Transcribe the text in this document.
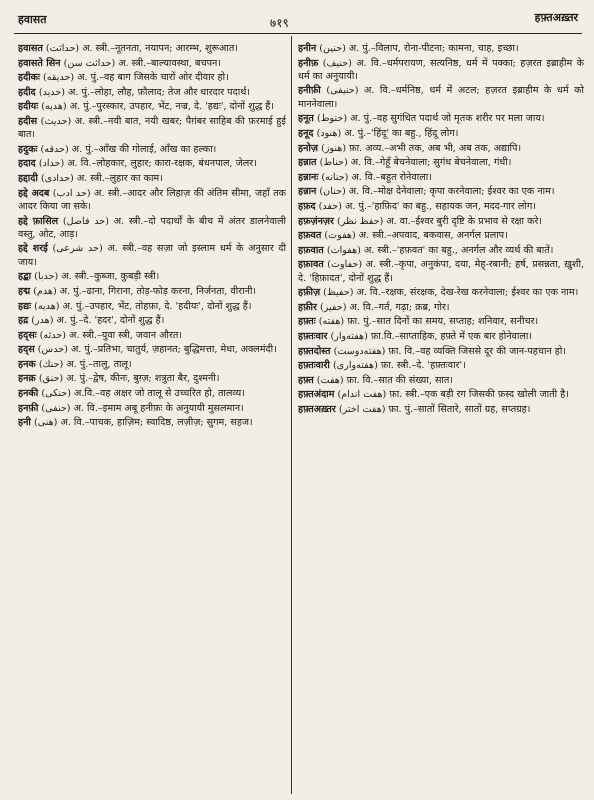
हवासत	७१९	हफ़्तअख़्तर

हवासत (حداثت) अ. स्त्री.–नूतनता, नयापन; आरम्भ, शुरूआत।

हवासते सिन (حداثت سن) अ. स्त्री.–बाल्यावस्था, बचपन।

हदीकः (حديقه) अ. पुं.–वह बाग जिसके चारों ओर दीवार हो।

हदीद (حديد) अ. पुं.–लोहा, लौह, फ़ौलाद; तेज और धारदार पदार्थ।

हदीयः (هديه) अ. पुं.–पुरस्कार, उपहार, भेंट, नज्र, दे. 'हद्यः', दोनों शुद्ध हैं।

हदीस (حديث) अ. स्त्री.–नयी बात, नयी खबर; पैग़ंबर साहिब की फ़रमाई हुई बात।

हदुकः (حدقه) अ. पुं.–आँख की गोलाई, आँख का हल्का।

हदाद (حداد) अ. वि.–लोहकार, लुहार; कारा-रक्षक, बंधनपाल, जेलर।

हद्दादी (حدادى) अ. स्त्री.–लुहार का काम।

हद्दे अदब (حد ادب) अ. स्त्री.–आदर और लिहाज़ की अंतिम सीमा, जहाँ तक आदर किया जा सके।

हद्दे फ़ासिल (حد فاصل) अ. स्त्री.–दो पदार्थों के बीच में अंतर डालनेवाली वस्तु, ओट, आड़।

हद्दे शरई (حد شرعى) अ. स्त्री.–वह सज़ा जो इस्लाम धर्म के अनुसार दी जाय।

हद्बा (حدبا) अ. स्त्री.–कुब्जा, कुबड़ी स्त्री।

हद्म (هدم) अ. पुं.–ढाना, गिराना, तोड़-फोड़ करना, निर्जनता, वीरानी।

हद्यः (هديه) अ. पुं.–उपहार, भेंट, तोहफ़ा, दे. 'हदीयः', दोनों शुद्ध हैं।

हद्र (هدر) अ. पुं.–दे. 'हदर', दोनों शुद्ध हैं।

हद्सः (حدثه) अ. स्त्री.–युवा स्त्री, जवान औरत।

हद्स (حدس) अ. पुं.–प्रतिभा, चातुर्य, ज़हानत; बुद्धिमत्ता, मेधा, अक्लमंदी।

हनक (حنك) अ. पुं.–तालु, तालू।

हनक़ (حنق) अ. पुं.–द्वेष, कीनः, बुग़्ज़; शत्रुता बैर, दुश्मनी।

हनकी (حنكى) अ.वि.–वह अक्षर जो तालू से उच्चरित हो, तालव्य।

हनफ़ी (حنفى) अ. वि.–इमाम अबू हनीफ़ः के अनुयायी मुसलमान।

हनी (هنى) अ. वि.–पाचक, हाज़िम; स्वादिष्ठ, लज़ीज़; सुगम, सहज।

हनीन (حنين) अ. पुं.–विलाप, रोना-पीटना; कामना, चाह, इच्छा।

हनीफ़ (حنيف) अ. वि.–धर्मपरायण, सत्यनिष्ठ, धर्म में पक्का; हज़रत इब्राहीम के धर्म का अनुयायी।

हनीफ़ी (حنيفى) अ. वि.–धर्मनिष्ठ, धर्म में अटल; हज़रत इब्राहीम के धर्म को माननेवाला।

हनूत (حنوط) अ. पुं.–वह सुगंधित पदार्थ जो मृतक शरीर पर मला जाय।

हनूद (هنود) अ. पुं.–'हिंदू' का बहु., हिंदू लोग।

हनोज़ (هنوز) फ़ा. अव्य.–अभी तक, अब भी, अब तक, अद्यापि।

हन्नात (حناط) अ. वि.–गेहूँ बेचनेवाला; सुगंध बेचनेवाला, गंधी।

हन्नानः (حنانه) अ. वि.–बहुत रोनेवाला।

हन्नान (حنان) अ. वि.–मोक्ष देनेवाला; कृपा करनेवाला; ईश्वर का एक नाम।

हफ़द (حفد) अ. पुं.–'हाफ़िद' का बहु., सहायक जन, मदद-गार लोग।

हफ़ज़ंनज़र (حفظ نظر) अ. वा.–ईश्वर बुरी दृष्टि के प्रभाव से रक्षा करे।

हफ़वत (هفوت) अ. स्त्री.–अपवाद, बकवास, अनर्गल प्रलाप।

हफ़वात (هفوات) अ. स्त्री.–'हफ़वत' का बहु., अनर्गल और व्यर्थ की बातें।

हफ़ावत (حفاوت) अ. स्त्री.–कृपा, अनुकंपा, दया, मेह्-रबानी; हर्ष, प्रसन्नता, ख़ुशी, दे. 'हिफ़ादत', दोनों शुद्ध हैं।

हफ़ीज़ (حفيظ) अ. वि.–रक्षक, संरक्षक, देख-रेख करनेवाला; ईश्वर का एक नाम।

हफ़ीर (حفير) अ. वि.–गर्त, गढ़ा; क़ब्र, गोर।

हफ़्तः (هفته) फ़ा. पुं.–सात दिनों का समय, सप्ताह; शनिवार, सनीचर।

हफ़्तःवार (هفته‌وار) फ़ा.वि.–साप्ताहिक, हफ़्ते में एक बार होनेवाला।

हफ़्तदोस्त (هفته‌دوست) फ़ा. वि.–वह व्यक्ति जिससे दूर की जान-पहचान हो।

हफ़्तःवारी (هفته‌واری) फ़ा. स्त्री.–दे. 'हफ़्तःवार'।

हफ़्त (هفت) फ़ा. वि.–सात की संख्या, सात।

हफ़्तअंदाम (هفت اندام) फ़ा. स्त्री.–एक बड़ी रग जिसकी फ़स्द खोली जाती है।

हफ़्तअख़्तर (هفت اختر) फ़ा. पुं.–सातों सितारे, सातों ग्रह, सप्तग्रह।
